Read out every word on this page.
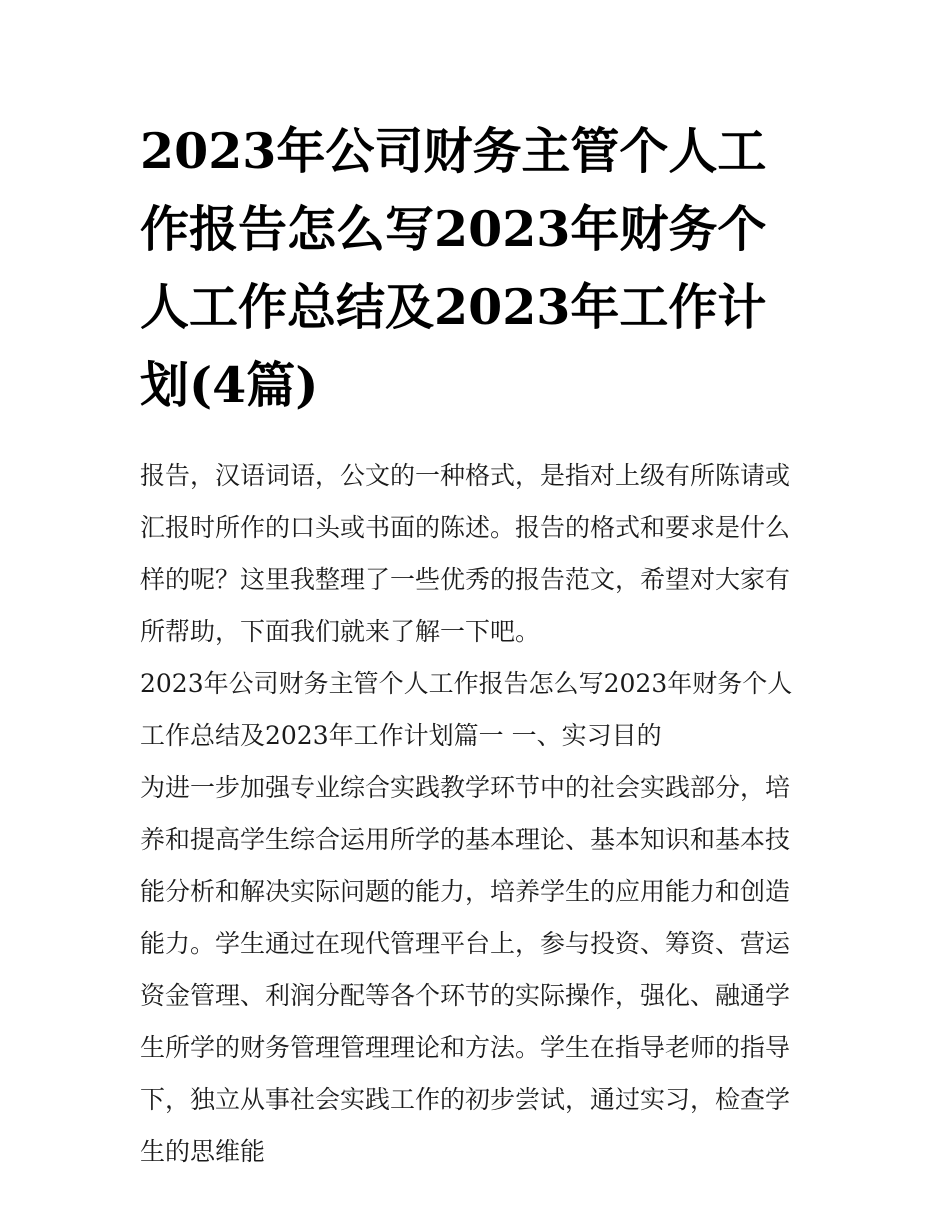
2023年公司财务主管个人工作报告怎么写2023年财务个人工作总结及2023年工作计划(4篇)

报告，汉语词语，公文的一种格式，是指对上级有所陈请或汇报时所作的口头或书面的陈述。报告的格式和要求是什么样的呢？这里我整理了一些优秀的报告范文，希望对大家有所帮助，下面我们就来了解一下吧。

2023年公司财务主管个人工作报告怎么写2023年财务个人工作总结及2023年工作计划篇一 一、实习目的

为进一步加强专业综合实践教学环节中的社会实践部分，培养和提高学生综合运用所学的基本理论、基本知识和基本技能分析和解决实际问题的能力，培养学生的应用能力和创造能力。学生通过在现代管理平台上，参与投资、筹资、营运资金管理、利润分配等各个环节的实际操作，强化、融通学生所学的财务管理管理理论和方法。学生在指导老师的指导下，独立从事社会实践工作的初步尝试，通过实习，检查学生的思维能
